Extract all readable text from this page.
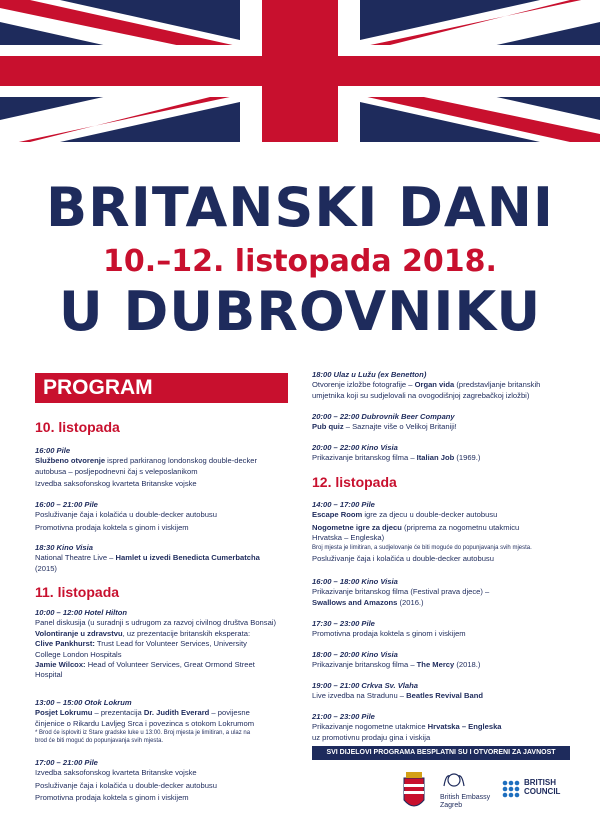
BRITANSKI DANI
10.–12. listopada 2018.
U DUBROVNIKU
PROGRAM
10. listopada
16:00 Pile
Službeno otvorenje ispred parkiranog londonskog double-decker
autobusa – posljepodnevni čaj s veleposlanikom
Izvedba saksofonskog kvarteta Britanske vojske
16:00 – 21:00 Pile
Posluživanje čaja i kolačića u double-decker autobusu
Promotivna prodaja koktela s ginom i viskijem
18:30 Kino Visia
National Theatre Live – Hamlet u izvedi Benedicta Cumerbatcha
(2015)
11. listopada
10:00 – 12:00 Hotel Hilton
Panel diskusija (u suradnji s udrugom za razvoj civilnog društva Bonsai)
Volontiranje u zdravstvu, uz prezentacije britanskih eksperata:
Clive Pankhurst: Trust Lead for Volunteer Services, University
College London Hospitals
Jamie Wilcox: Head of Volunteer Services, Great Ormond Street
Hospital
13:00 – 15:00 Otok Lokrum
Posjet Lokrumu – prezentacija Dr. Judith Everard – povijesne
činjenice o Rikardu Lavljeg Srca i povezinca s otokom Lokrumom
* Brod će isploviti iz Stare gradske luke u 13:00. Broj mjesta je limitiran, a ulaz na
brod će biti moguć do popunjavanja svih mjesta.
17:00 – 21:00 Pile
Izvedba saksofonskog kvarteta Britanske vojske
Posluživanje čaja i kolačića u double-decker autobusu
Promotivna prodaja koktela s ginom i viskijem
18:00 Ulaz u Lužu (ex Benetton)
Otvorenje izložbe fotografije – Organ vida (predstavljanje britanskih
umjetnika koji su sudjelovali na ovogodišnjoj zagrebačkoj izložbi)
20:00 – 22:00 Dubrovnik Beer Company
Pub quiz – Saznajte više o Velikoj Britaniji!
20:00 – 22:00 Kino Visia
Prikazivanje britanskog filma – Italian Job (1969.)
12. listopada
14:00 – 17:00 Pile
Escape Room igre za djecu u double-decker autobusu
Nogometne igre za djecu (priprema za nogometnu utakmicu
Hrvatska – Engleska)
Broj mjesta je limitiran, a sudjelovanje će biti moguće do popunjavanja svih mjesta.
Posluživanje čaja i kolačića u double-decker autobusu
16:00 – 18:00 Kino Visia
Prikazivanje britanskog filma (Festival prava djece) –
Swallows and Amazons (2016.)
17:30 – 23:00 Pile
Promotivna prodaja koktela s ginom i viskijem
18:00 – 20:00 Kino Visia
Prikazivanje britanskog filma – The Mercy (2018.)
19:00 – 21:00 Crkva Sv. Vlaha
Live izvedba na Stradunu – Beatles Revival Band
21:00 – 23:00 Pile
Prikazivanje nogometne utakmice Hrvatska – Engleska
uz promotivnu prodaju gina i viskija
SVI DIJELOVI PROGRAMA BESPLATNI SU I OTVORENI ZA JAVNOST
British Embassy
Zagreb
BRITISH
COUNCIL
